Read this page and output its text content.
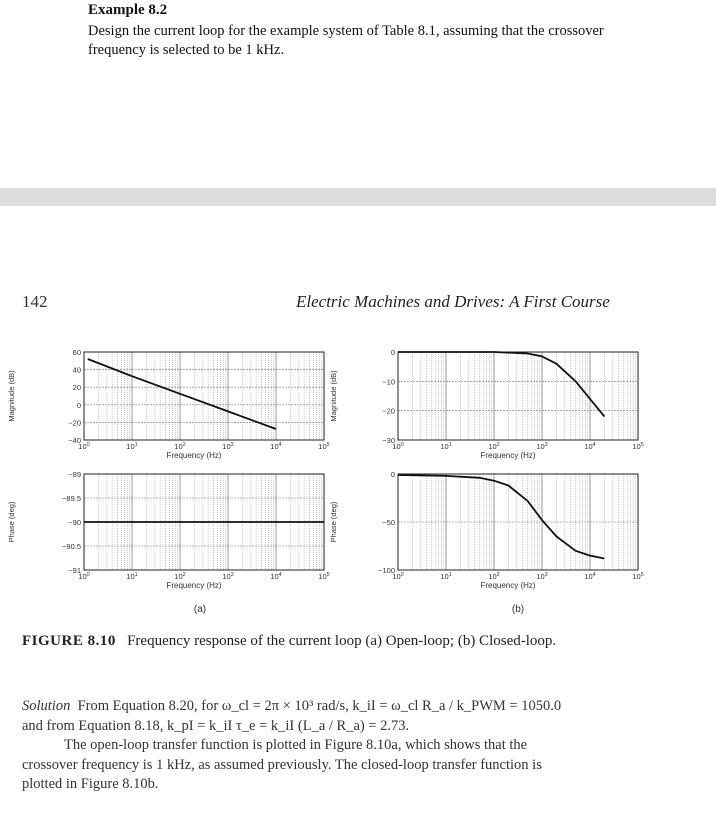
Example 8.2
Design the current loop for the example system of Table 8.1, assuming that the crossover
frequency is selected to be 1 kHz.
142	Electric Machines and Drives: A First Course
60
40
20
0
−20
−40
$10^0$	$10^1$	$10^2$	$10^3$	$10^4$	$10^5$
Frequency (Hz)
Magnitude (dB)
−89
−89.5
−90
−90.5
−91
$10^0$	$10^1$	$10^2$	$10^3$	$10^4$	$10^5$
Frequency (Hz)
Phase (deg)
0
−10
−20
−30
$10^0$	$10^1$	$10^2$	$10^3$	$10^4$	$10^5$
Frequency (Hz)
Magnitude (dB)
0
−50
−100
$10^0$	$10^1$	$10^2$	$10^3$	$10^4$	$10^5$
Frequency (Hz)
Phase (deg)
(a)	(b)
FIGURE 8.10 Frequency response of the current loop (a) Open-loop; (b) Closed-loop.
Solution From Equation 8.20, for ω_cl = 2π × 10³ rad/s, k_iI = ω_cl R_a / k_PWM = 1050.0
and from Equation 8.18, k_pI = k_iI τ_e = k_iI (L_a / R_a) = 2.73.
The open-loop transfer function is plotted in Figure 8.10a, which shows that the
crossover frequency is 1 kHz, as assumed previously. The closed-loop transfer function is
plotted in Figure 8.10b.
